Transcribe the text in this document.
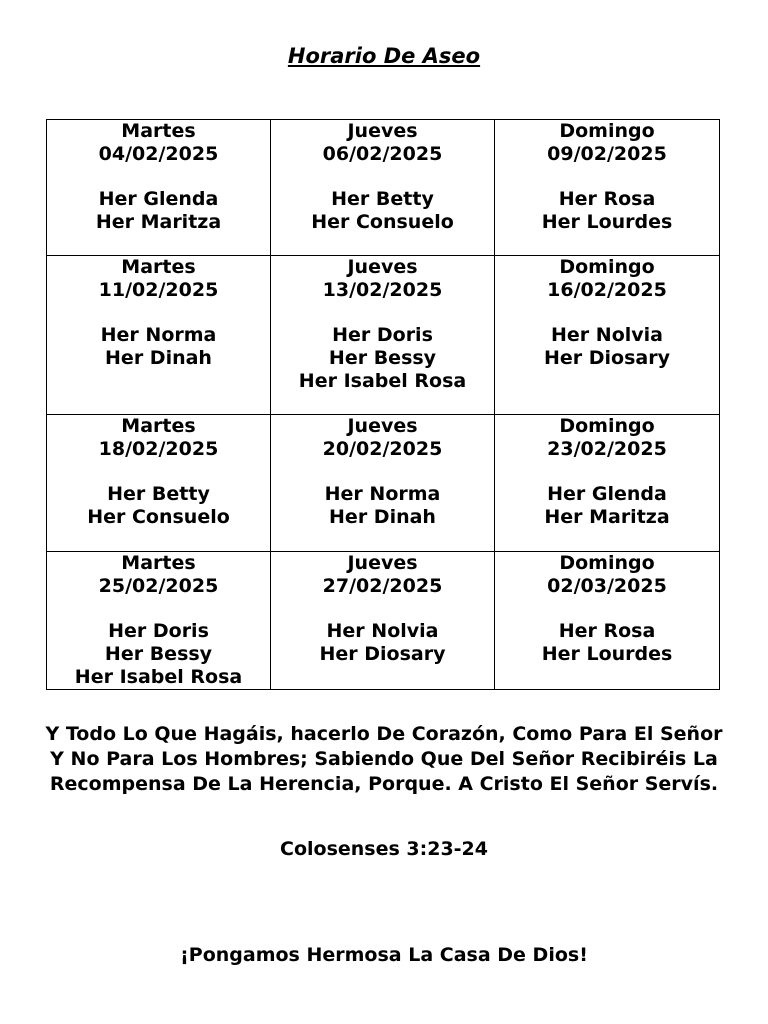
Horario De Aseo
Martes
04/02/2025
Her Glenda
Her Maritza	Jueves
06/02/2025
Her Betty
Her Consuelo	Domingo
09/02/2025
Her Rosa
Her Lourdes

Martes
11/02/2025
Her Norma
Her Dinah	Jueves
13/02/2025
Her Doris
Her Bessy
Her Isabel Rosa	Domingo
16/02/2025
Her Nolvia
Her Diosary

Martes
18/02/2025
Her Betty
Her Consuelo	Jueves
20/02/2025
Her Norma
Her Dinah	Domingo
23/02/2025
Her Glenda
Her Maritza

Martes
25/02/2025
Her Doris
Her Bessy
Her Isabel Rosa	Jueves
27/02/2025
Her Nolvia
Her Diosary	Domingo
02/03/2025
Her Rosa
Her Lourdes
Y Todo Lo Que Hagáis, hacerlo De Corazón, Como Para El Señor Y No Para Los Hombres; Sabiendo Que Del Señor Recibiréis La Recompensa De La Herencia, Porque. A Cristo El Señor Servís.
Colosenses 3:23-24
¡Pongamos Hermosa La Casa De Dios!
